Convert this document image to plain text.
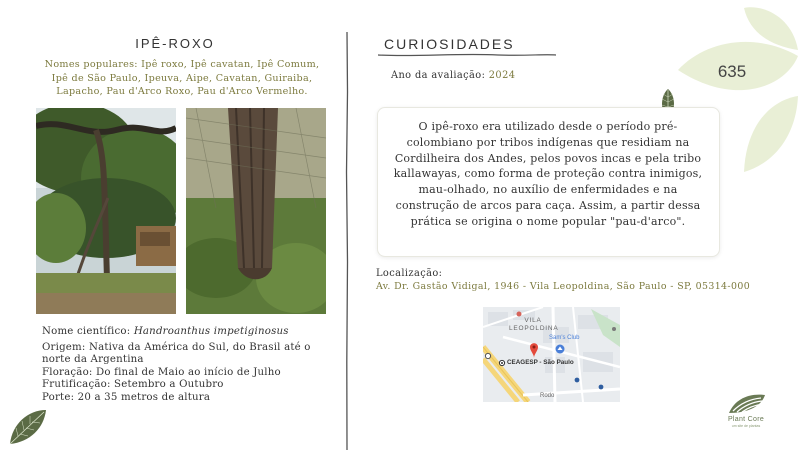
635
IPÊ-ROXO
Nomes populares: Ipê roxo, Ipê cavatan, Ipê Comum, Ipê de São Paulo, Ipeuva, Aipe, Cavatan, Guiraiba, Lapacho, Pau d'Arco Roxo, Pau d'Arco Vermelho.
Nome científico: Handroanthus impetiginosus
Origem: Nativa da América do Sul, do Brasil até o norte da Argentina
Floração: Do final de Maio ao início de Julho
Frutificação: Setembro a Outubro
Porte: 20 a 35 metros de altura
CURIOSIDADES
Ano da avaliação: 2024
O ipê-roxo era utilizado desde o período pré-colombiano por tribos indígenas que residiam na Cordilheira dos Andes, pelos povos incas e pela tribo kallawayas, como forma de proteção contra inimigos, mau-olhado, no auxílio de enfermidades e na construção de arcos para caça. Assim, a partir dessa prática se origina o nome popular "pau-d'arco".
Localização:
Av. Dr. Gastão Vidigal, 1946 - Vila Leopoldina, São Paulo - SP, 05314-000
VILA LEOPOLDINA
Sam's Club
CEAGESP - São Paulo
Rodo
Plant Core
um site de plantas
